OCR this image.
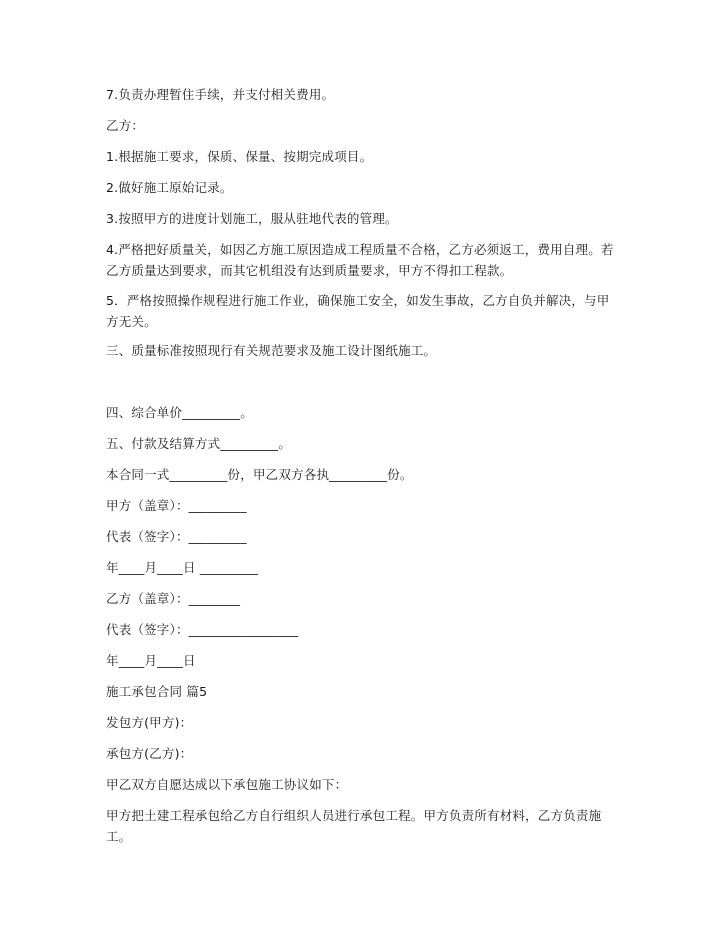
7.负责办理暂住手续，并支付相关费用。

乙方：

1.根据施工要求，保质、保量、按期完成项目。

2.做好施工原始记录。

3.按照甲方的进度计划施工，服从驻地代表的管理。

4.严格把好质量关，如因乙方施工原因造成工程质量不合格，乙方必须返工，费用自理。若乙方质量达到要求，而其它机组没有达到质量要求，甲方不得扣工程款。

5．严格按照操作规程进行施工作业，确保施工安全，如发生事故，乙方自负并解决，与甲方无关。

三、质量标准按照现行有关规范要求及施工设计图纸施工。

四、综合单价_________。

五、付款及结算方式_________。

本合同一式_________份，甲乙双方各执_________份。

甲方（盖章）：_________

代表（签字）：_________

年____月____日 _________

乙方（盖章）：________

代表（签字）：_________________

年____月____日

施工承包合同 篇5

发包方(甲方)：

承包方(乙方)：

甲乙双方自愿达成以下承包施工协议如下：

甲方把土建工程承包给乙方自行组织人员进行承包工程。甲方负责所有材料，乙方负责施工。
